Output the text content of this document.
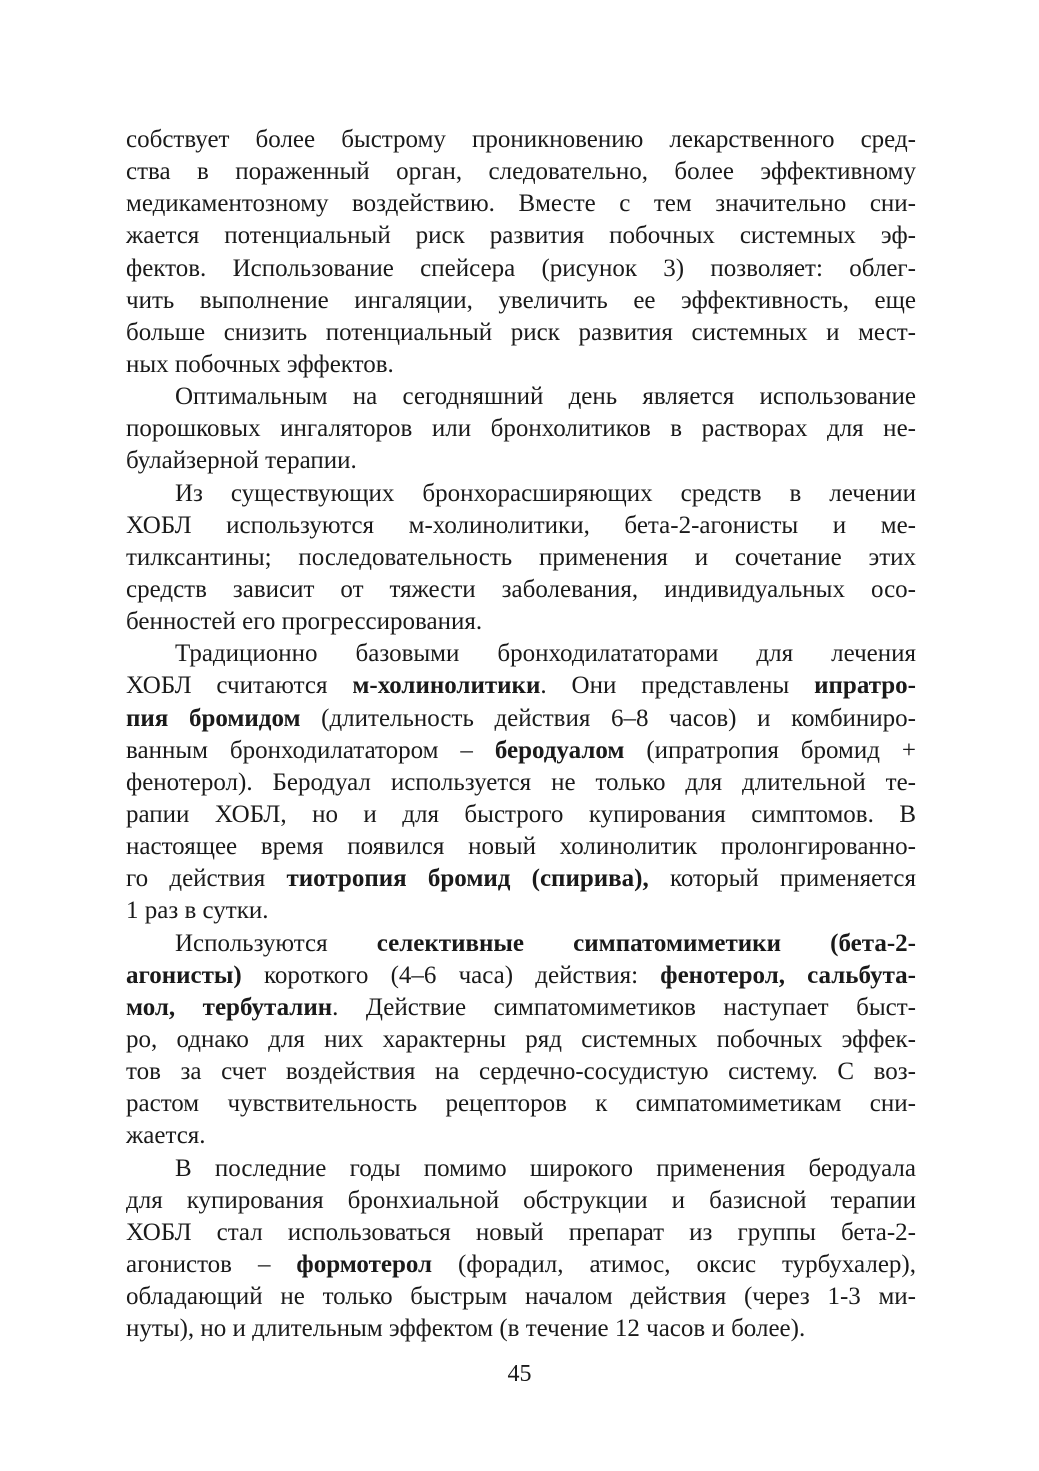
собствует более быстрому проникновению лекарственного сред-
ства в пораженный орган, следовательно, более эффективному
медикаментозному воздействию. Вместе с тем значительно сни-
жается потенциальный риск развития побочных системных эф-
фектов. Использование спейсера (рисунок 3) позволяет: облег-
чить выполнение ингаляции, увеличить ее эффективность, еще
больше снизить потенциальный риск развития системных и мест-
ных побочных эффектов.
Оптимальным на сегодняшний день является использование
порошковых ингаляторов или бронхолитиков в растворах для не-
булайзерной терапии.
Из существующих бронхорасширяющих средств в лечении
ХОБЛ используются м-холинолитики, бета-2-агонисты и ме-
тилксантины; последовательность применения и сочетание этих
средств зависит от тяжести заболевания, индивидуальных осо-
бенностей его прогрессирования.
Традиционно базовыми бронходилататорами для лечения
ХОБЛ считаются м-холинолитики. Они представлены ипратро-
пия бромидом (длительность действия 6–8 часов) и комбиниро-
ванным бронходилататором – беродуалом (ипратропия бромид +
фенотерол). Беродуал используется не только для длительной те-
рапии ХОБЛ, но и для быстрого купирования симптомов. В
настоящее время появился новый холинолитик пролонгированно-
го действия тиотропия бромид (спирива), который применяется
1 раз в сутки.
Используются селективные симпатомиметики (бета-2-
агонисты) короткого (4–6 часа) действия: фенотерол, сальбута-
мол, тербуталин. Действие симпатомиметиков наступает быст-
ро, однако для них характерны ряд системных побочных эффек-
тов за счет воздействия на сердечно-сосудистую систему. С воз-
растом чувствительность рецепторов к симпатомиметикам сни-
жается.
В последние годы помимо широкого применения беродуала
для купирования бронхиальной обструкции и базисной терапии
ХОБЛ стал использоваться новый препарат из группы бета-2-
агонистов – формотерол (форадил, атимос, оксис турбухалер),
обладающий не только быстрым началом действия (через 1-3 ми-
нуты), но и длительным эффектом (в течение 12 часов и более).
45
